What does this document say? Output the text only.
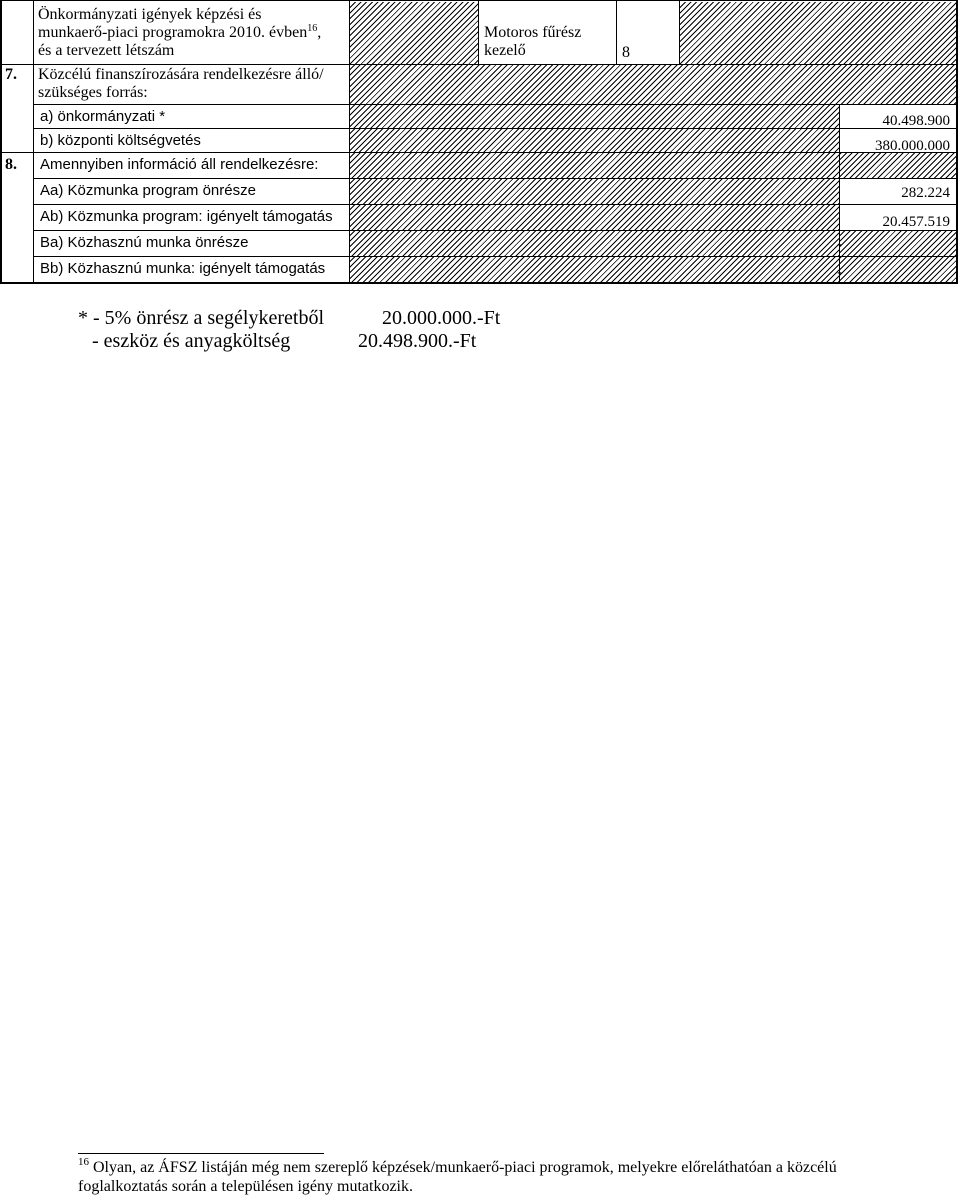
Önkormányzati igények képzési és
munkaerő-piaci programokra 2010. évben$^{16}$,
és a tervezett létszám
Motoros fűrész
kezelő	8
7. Közcélú finanszírozására rendelkezésre álló/
szükséges forrás:
a) önkormányzati *	40.498.900
b) központi költségvetés	380.000.000
8. Amennyiben információ áll rendelkezésre:
Aa) Közmunka program önrésze	282.224
Ab) Közmunka program: igényelt támogatás	20.457.519
Ba) Közhasznú munka önrésze	-
Bb) Közhasznú munka: igényelt támogatás	-
* - 5% önrész a segélykeretből	20.000.000.-Ft
- eszköz és anyagköltség	20.498.900.-Ft
$^{16}$ Olyan, az ÁFSZ listáján még nem szereplő képzések/munkaerő-piaci programok, melyekre előreláthatóan a közcélú
foglalkoztatás során a településen igény mutatkozik.
